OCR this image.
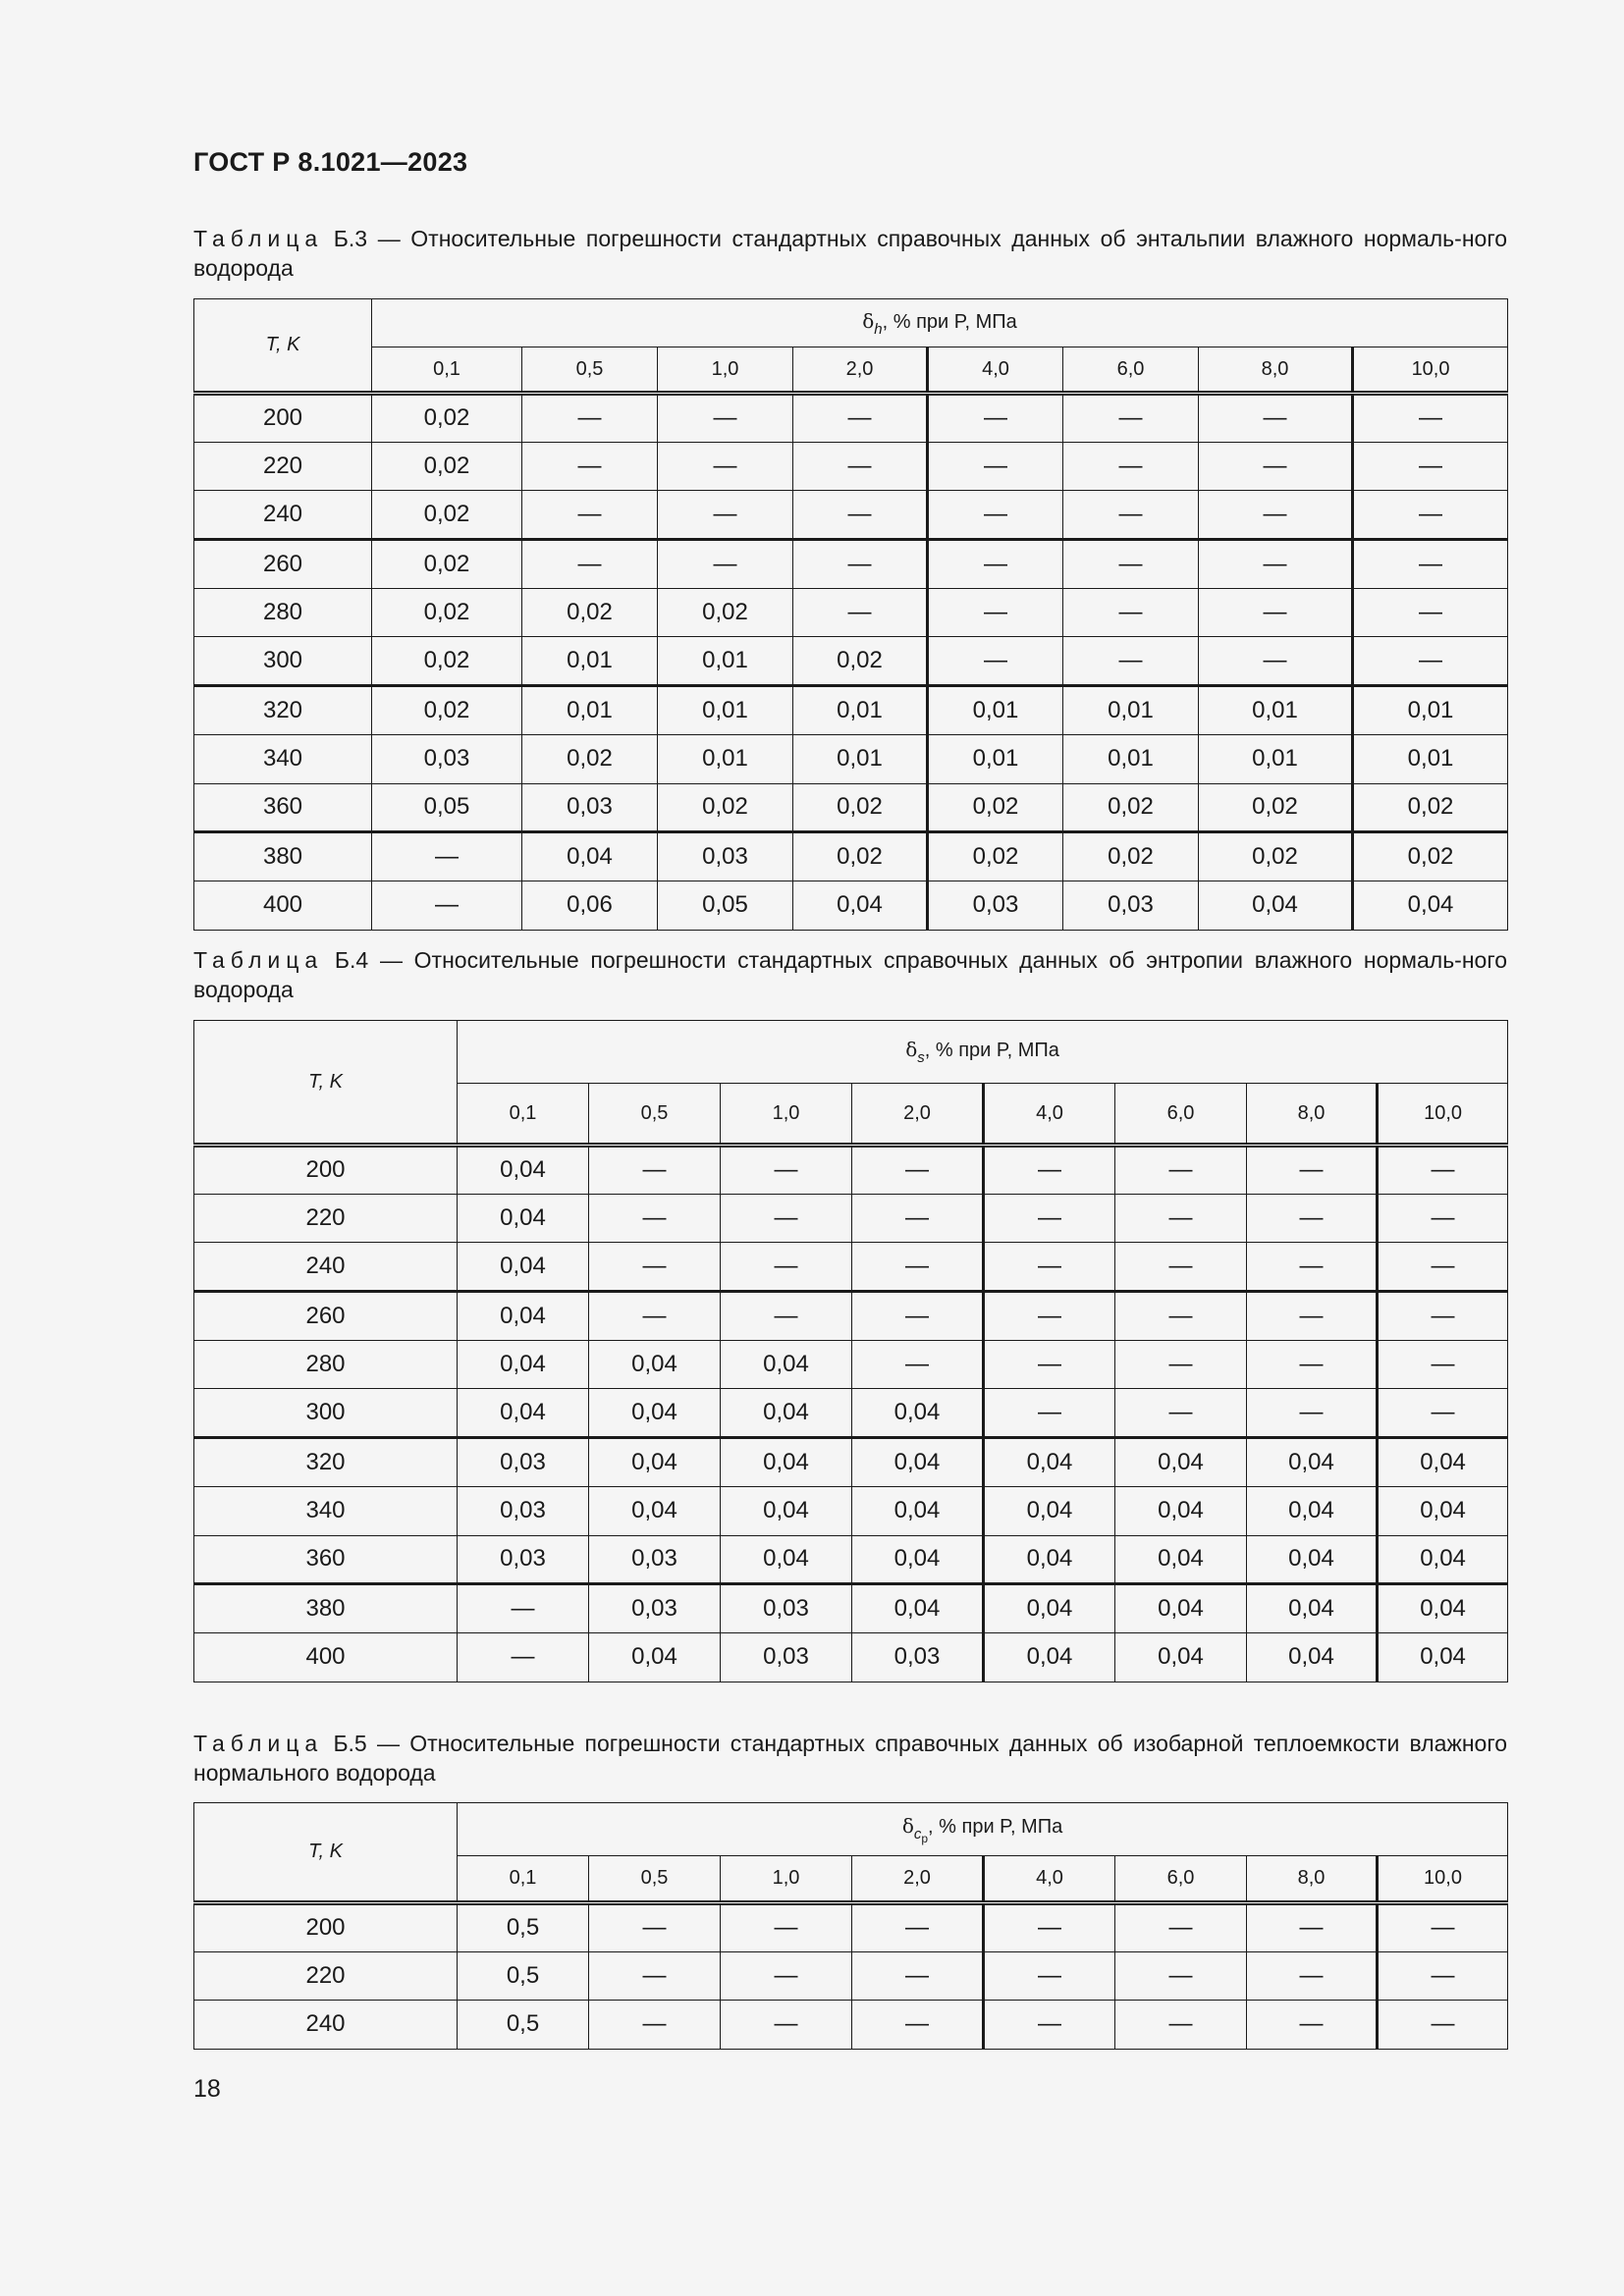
ГОСТ Р 8.1021—2023
Таблица Б.3 — Относительные погрешности стандартных справочных данных об энтальпии влажного нормаль-ного водорода
T, K	$\delta_h$, % при P, МПа							
	0,1	0,5	1,0	2,0	4,0	6,0	8,0	10,0
200	0,02	—	—	—	—	—	—	—
220	0,02	—	—	—	—	—	—	—
240	0,02	—	—	—	—	—	—	—
260	0,02	—	—	—	—	—	—	—
280	0,02	0,02	0,02	—	—	—	—	—
300	0,02	0,01	0,01	0,02	—	—	—	—
320	0,02	0,01	0,01	0,01	0,01	0,01	0,01	0,01
340	0,03	0,02	0,01	0,01	0,01	0,01	0,01	0,01
360	0,05	0,03	0,02	0,02	0,02	0,02	0,02	0,02
380	—	0,04	0,03	0,02	0,02	0,02	0,02	0,02
400	—	0,06	0,05	0,04	0,03	0,03	0,04	0,04
Таблица Б.4 — Относительные погрешности стандартных справочных данных об энтропии влажного нормаль-ного водорода
T, K	$\delta_s$, % при P, МПа							
	0,1	0,5	1,0	2,0	4,0	6,0	8,0	10,0
200	0,04	—	—	—	—	—	—	—
220	0,04	—	—	—	—	—	—	—
240	0,04	—	—	—	—	—	—	—
260	0,04	—	—	—	—	—	—	—
280	0,04	0,04	0,04	—	—	—	—	—
300	0,04	0,04	0,04	0,04	—	—	—	—
320	0,03	0,04	0,04	0,04	0,04	0,04	0,04	0,04
340	0,03	0,04	0,04	0,04	0,04	0,04	0,04	0,04
360	0,03	0,03	0,04	0,04	0,04	0,04	0,04	0,04
380	—	0,03	0,03	0,04	0,04	0,04	0,04	0,04
400	—	0,04	0,03	0,03	0,04	0,04	0,04	0,04
Таблица Б.5 — Относительные погрешности стандартных справочных данных об изобарной теплоемкости влажного нормального водорода
T, K	$\delta_{c_p}$, % при P, МПа							
	0,1	0,5	1,0	2,0	4,0	6,0	8,0	10,0
200	0,5	—	—	—	—	—	—	—
220	0,5	—	—	—	—	—	—	—
240	0,5	—	—	—	—	—	—	—
18
